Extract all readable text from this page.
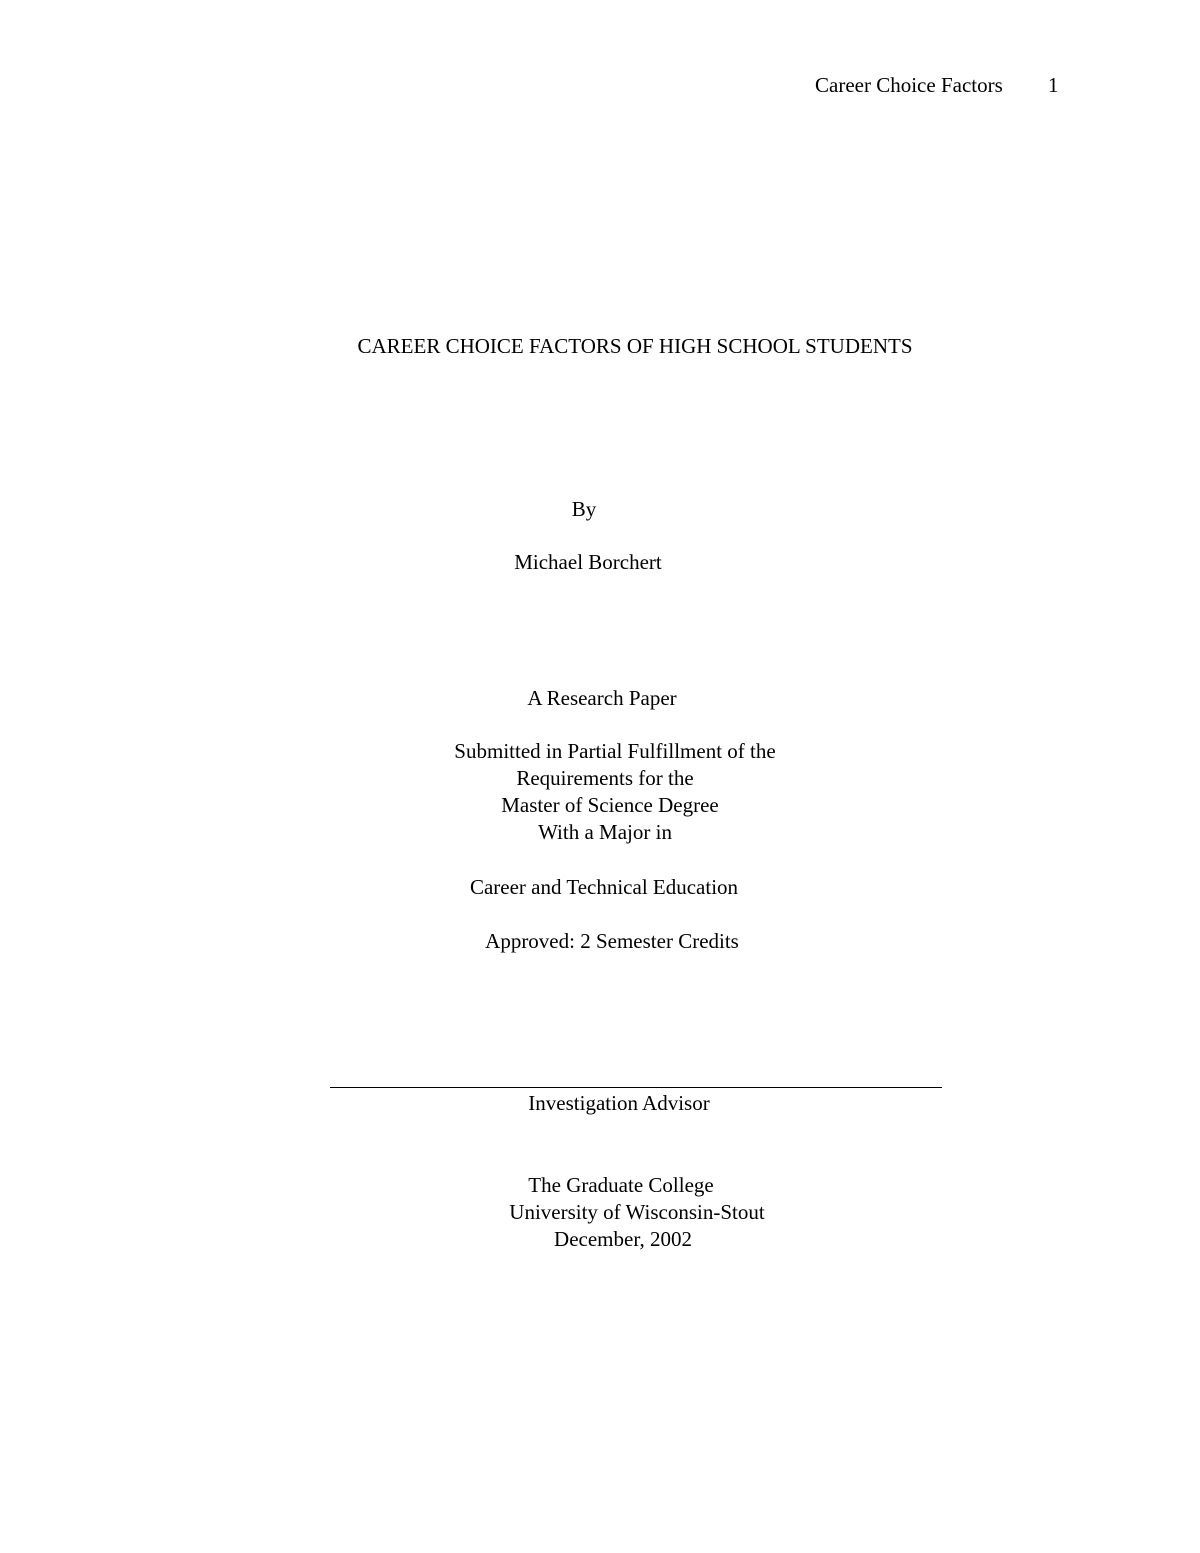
Career Choice Factors 1
CAREER CHOICE FACTORS OF HIGH SCHOOL STUDENTS
By
Michael Borchert
A Research Paper
Submitted in Partial Fulfillment of the
Requirements for the
Master of Science Degree
With a Major in
Career and Technical Education
Approved: 2 Semester Credits
Investigation Advisor
The Graduate College
University of Wisconsin-Stout
December, 2002
